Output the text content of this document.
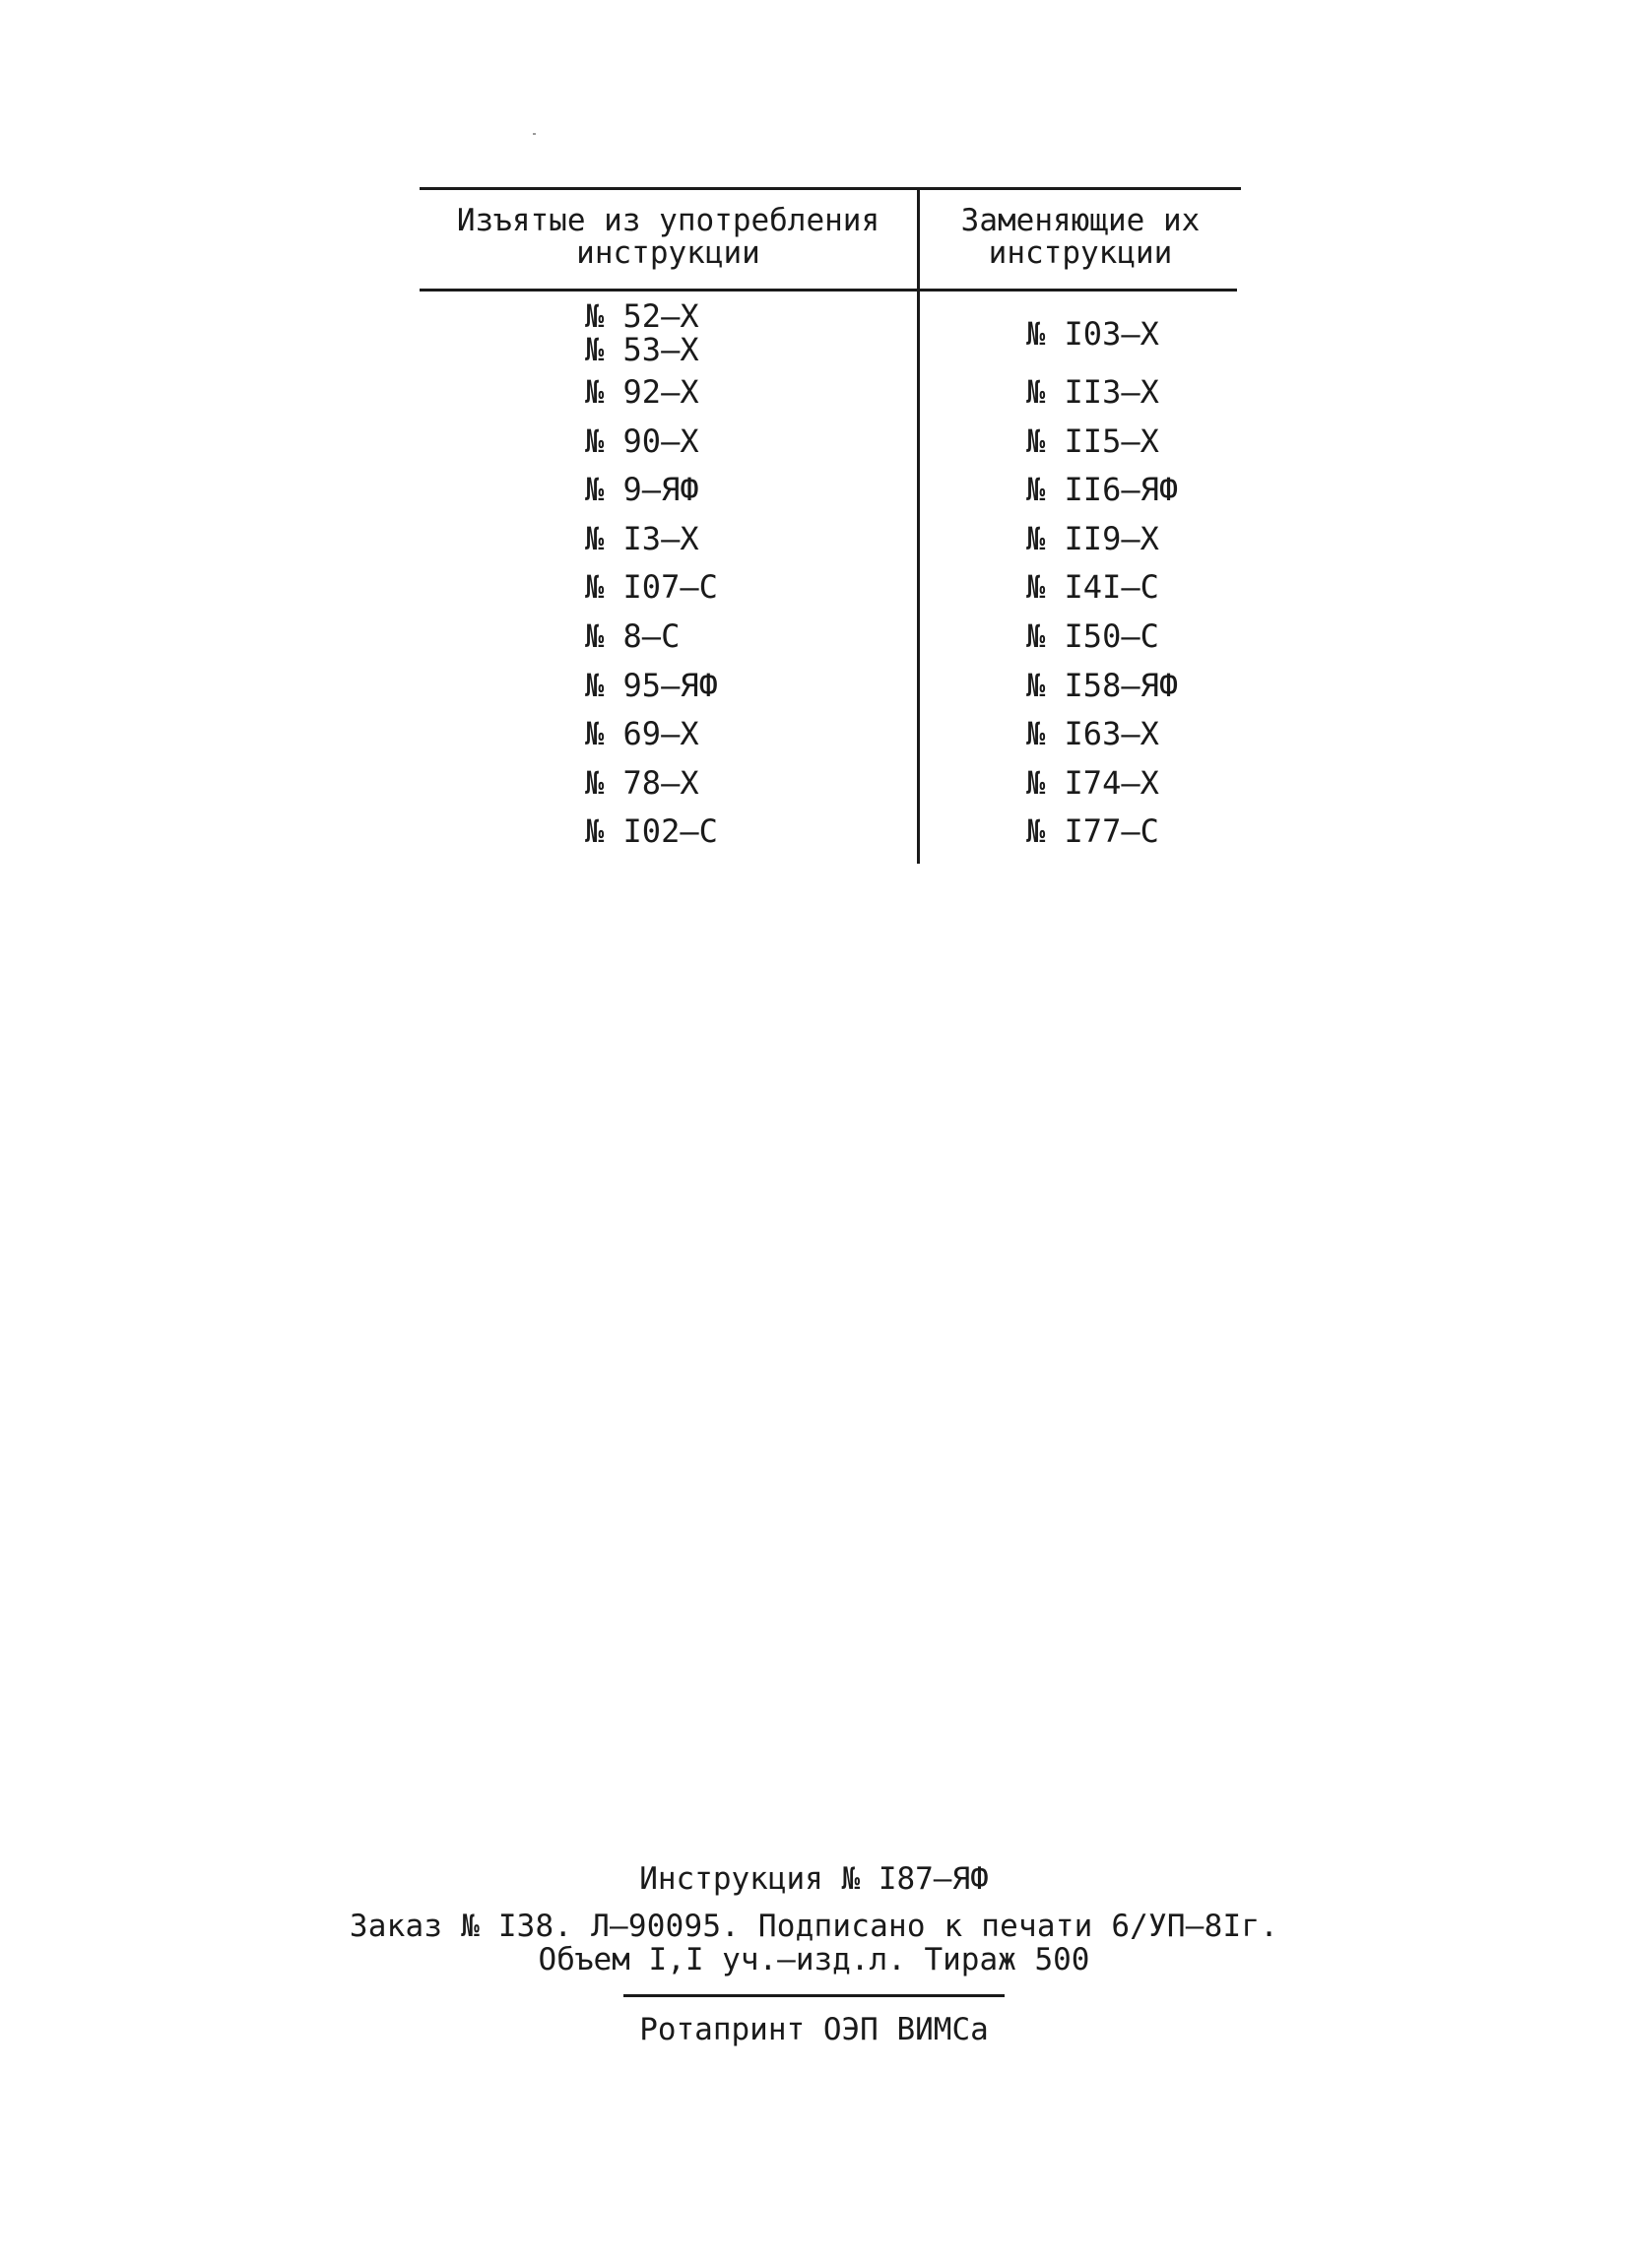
Изъятые из употребления
инструкции
Заменяющие их
инструкции
№ 52–Х
№ 53–Х
№ 92–Х
№ 90–Х
№ 9–ЯФ
№ I3–Х
№ I07–С
№ 8–С
№ 95–ЯФ
№ 69–Х
№ 78–Х
№ I02–С
№ I03–Х
№ II3–Х
№ II5–Х
№ II6–ЯФ
№ II9–Х
№ I4I–С
№ I50–С
№ I58–ЯФ
№ I63–Х
№ I74–Х
№ I77–С
Инструкция № I87–ЯФ
Заказ № I38. Л–90095. Подписано к печати 6/УП–8Iг.
Объем I,I уч.–изд.л. Тираж 500
Ротапринт ОЭП ВИМСа
